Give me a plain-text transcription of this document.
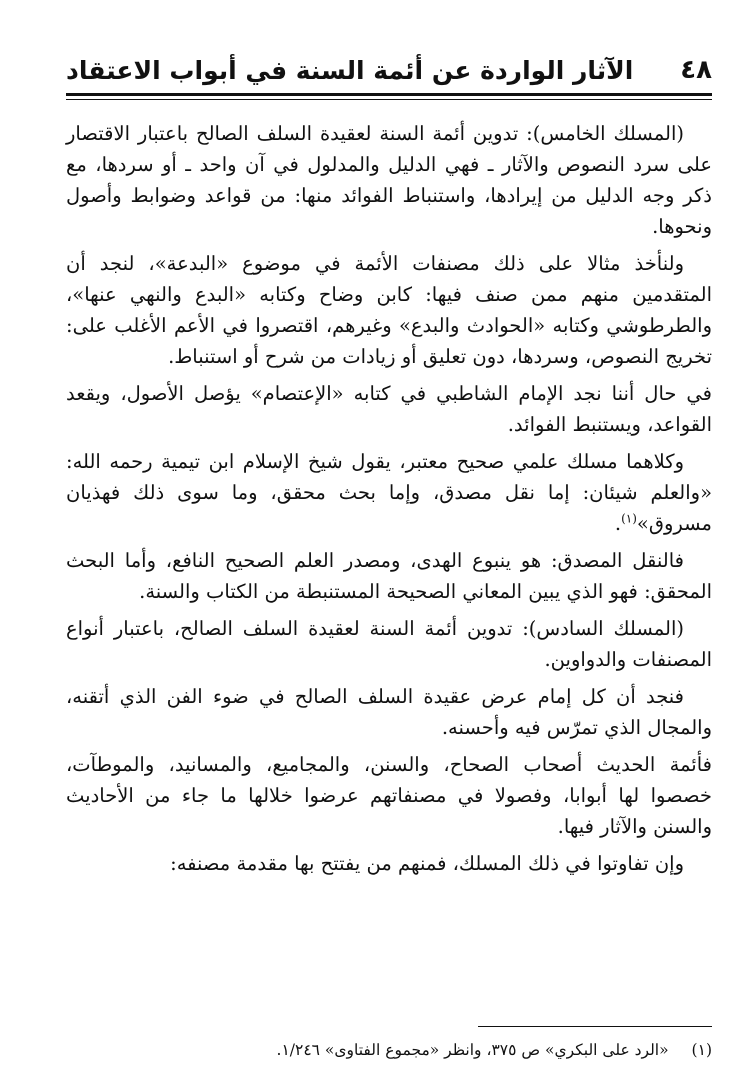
٤٨
الآثار الواردة عن أئمة السنة في أبواب الاعتقاد

(المسلك الخامس): تدوين أئمة السنة لعقيدة السلف الصالح باعتبار الاقتصار على سرد النصوص والآثار ـ فهي الدليل والمدلول في آن واحد ـ أو سردها، مع ذكر وجه الدليل من إيرادها، واستنباط الفوائد منها: من قواعد وضوابط وأصول ونحوها.

ولنأخذ مثالا على ذلك مصنفات الأئمة في موضوع «البدعة»، لنجد أن المتقدمين منهم ممن صنف فيها: كابن وضاح وكتابه «البدع والنهي عنها»، والطرطوشي وكتابه «الحوادث والبدع» وغيرهم، اقتصروا في الأعم الأغلب على: تخريج النصوص، وسردها، دون تعليق أو زيادات من شرح أو استنباط.

في حال أننا نجد الإمام الشاطبي في كتابه «الإعتصام» يؤصل الأصول، ويقعد القواعد، ويستنبط الفوائد.

وكلاهما مسلك علمي صحيح معتبر، يقول شيخ الإسلام ابن تيمية رحمه الله: «والعلم شيئان: إما نقل مصدق، وإما بحث محقق، وما سوى ذلك فهذيان مسروق»$^{(١)}$.

فالنقل المصدق: هو ينبوع الهدى، ومصدر العلم الصحيح النافع، وأما البحث المحقق: فهو الذي يبين المعاني الصحيحة المستنبطة من الكتاب والسنة.

(المسلك السادس): تدوين أئمة السنة لعقيدة السلف الصالح، باعتبار أنواع المصنفات والدواوين.

فنجد أن كل إمام عرض عقيدة السلف الصالح في ضوء الفن الذي أتقنه، والمجال الذي تمرّس فيه وأحسنه.

فأئمة الحديث أصحاب الصحاح، والسنن، والمجاميع، والمسانيد، والموطآت، خصصوا لها أبوابا، وفصولا في مصنفاتهم عرضوا خلالها ما جاء من الأحاديث والسنن والآثار فيها.

وإن تفاوتوا في ذلك المسلك، فمنهم من يفتتح بها مقدمة مصنفه:

(١) «الرد على البكري» ص ٣٧٥، وانظر «مجموع الفتاوى» ١/٢٤٦.
